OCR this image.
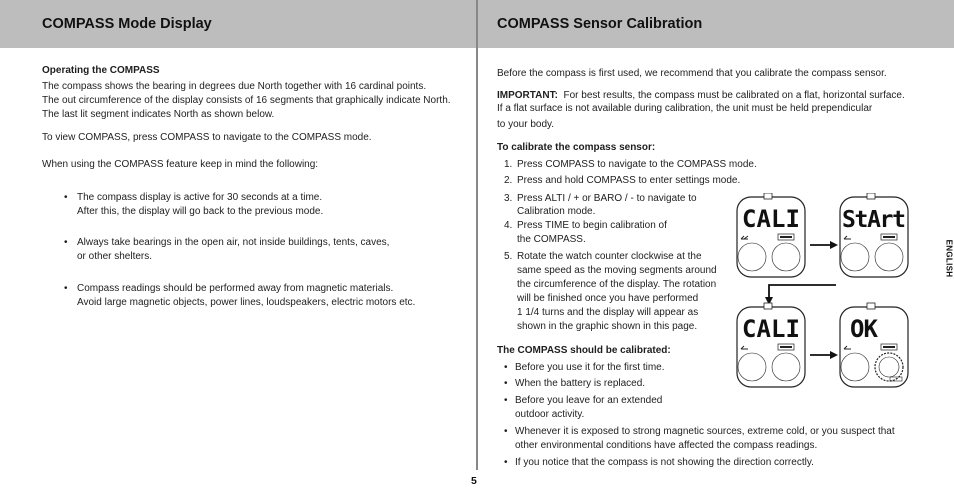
COMPASS Mode Display
Operating the COMPASS
The compass shows the bearing in degrees due North together with 16 cardinal points.
The out circumference of the display consists of 16 segments that graphically indicate North.
The last lit segment indicates North as shown below.
To view COMPASS, press COMPASS to navigate to the COMPASS mode.
When using the COMPASS feature keep in mind the following:
• The compass display is active for 30 seconds at a time.
After this, the display will go back to the previous mode.
• Always take bearings in the open air, not inside buildings, tents, caves,
or other shelters.
• Compass readings should be performed away from magnetic materials.
Avoid large magnetic objects, power lines, loudspeakers, electric motors etc.
COMPASS Sensor Calibration
Before the compass is first used, we recommend that you calibrate the compass sensor.
IMPORTANT: For best results, the compass must be calibrated on a flat, horizontal surface.
If a flat surface is not available during calibration, the unit must be held prependicular
to your body.
To calibrate the compass sensor:
1. Press COMPASS to navigate to the COMPASS mode.
2. Press and hold COMPASS to enter settings mode.
3. Press ALTI / + or BARO / - to navigate to
Calibration mode.
4. Press TIME to begin calibration of
the COMPASS.
5. Rotate the watch counter clockwise at the
same speed as the moving segments around
the circumference of the display. The rotation
will be finished once you have performed
1 1/4 turns and the display will appear as
shown in the graphic shown in this page.
The COMPASS should be calibrated:
• Before you use it for the first time.
• When the battery is replaced.
• Before you leave for an extended
outdoor activity.
• Whenever it is exposed to strong magnetic sources, extreme cold, or you suspect that
other environmental conditions have affected the compass readings.
• If you notice that the compass is not showing the direction correctly.
CALI StArt
CALI OK
ENGLISH
5
